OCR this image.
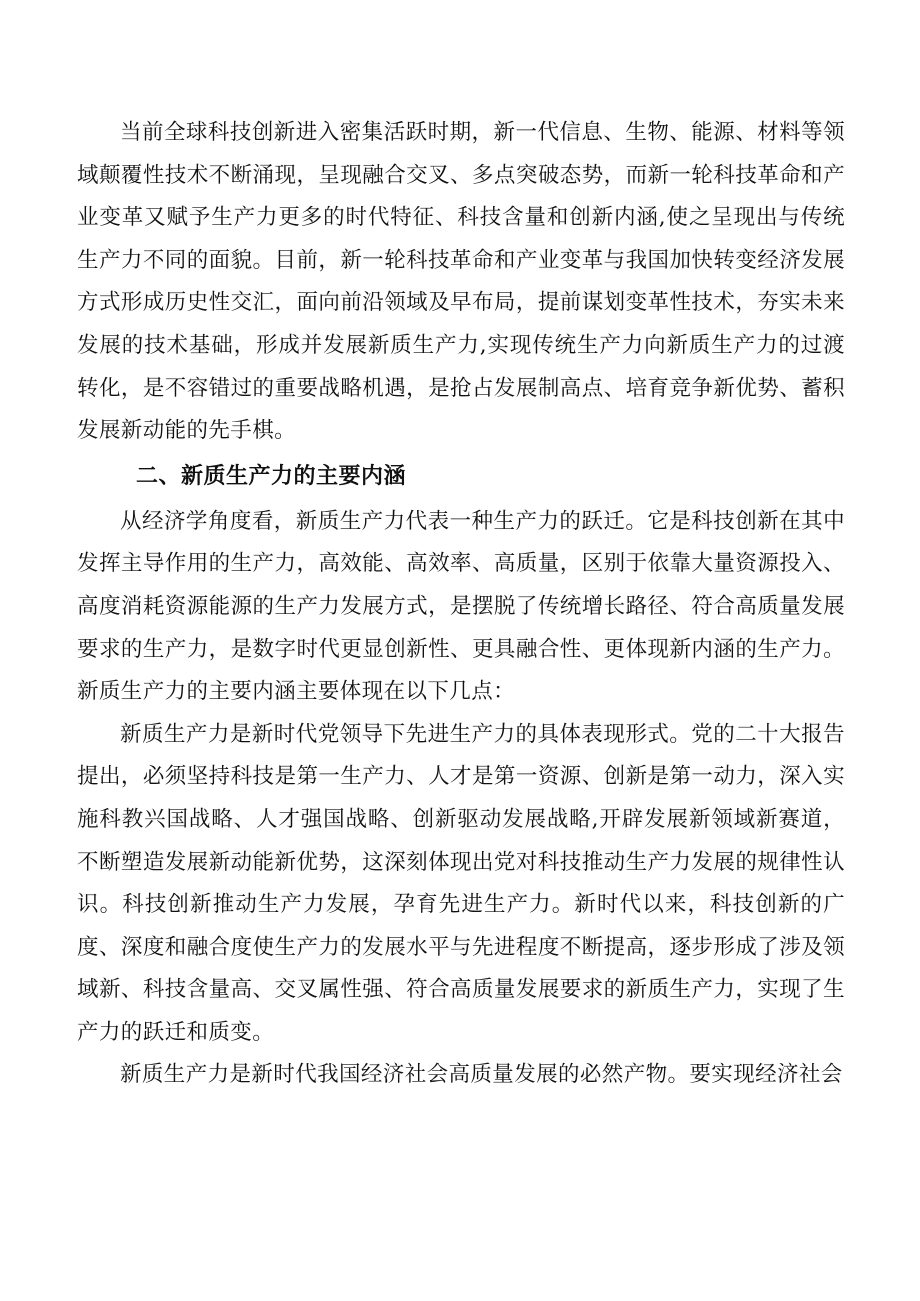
当前全球科技创新进入密集活跃时期，新一代信息、生物、能源、材料等领域颠覆性技术不断涌现，呈现融合交叉、多点突破态势，而新一轮科技革命和产业变革又赋予生产力更多的时代特征、科技含量和创新内涵,使之呈现出与传统生产力不同的面貌。目前，新一轮科技革命和产业变革与我国加快转变经济发展方式形成历史性交汇，面向前沿领域及早布局，提前谋划变革性技术，夯实未来发展的技术基础，形成并发展新质生产力,实现传统生产力向新质生产力的过渡转化，是不容错过的重要战略机遇，是抢占发展制高点、培育竞争新优势、蓄积发展新动能的先手棋。

二、新质生产力的主要内涵

从经济学角度看，新质生产力代表一种生产力的跃迁。它是科技创新在其中发挥主导作用的生产力，高效能、高效率、高质量，区别于依靠大量资源投入、高度消耗资源能源的生产力发展方式，是摆脱了传统增长路径、符合高质量发展要求的生产力，是数字时代更显创新性、更具融合性、更体现新内涵的生产力。新质生产力的主要内涵主要体现在以下几点：

新质生产力是新时代党领导下先进生产力的具体表现形式。党的二十大报告提出，必须坚持科技是第一生产力、人才是第一资源、创新是第一动力，深入实施科教兴国战略、人才强国战略、创新驱动发展战略,开辟发展新领域新赛道，不断塑造发展新动能新优势，这深刻体现出党对科技推动生产力发展的规律性认识。科技创新推动生产力发展，孕育先进生产力。新时代以来，科技创新的广度、深度和融合度使生产力的发展水平与先进程度不断提高，逐步形成了涉及领域新、科技含量高、交叉属性强、符合高质量发展要求的新质生产力，实现了生产力的跃迁和质变。

新质生产力是新时代我国经济社会高质量发展的必然产物。要实现经济社会
